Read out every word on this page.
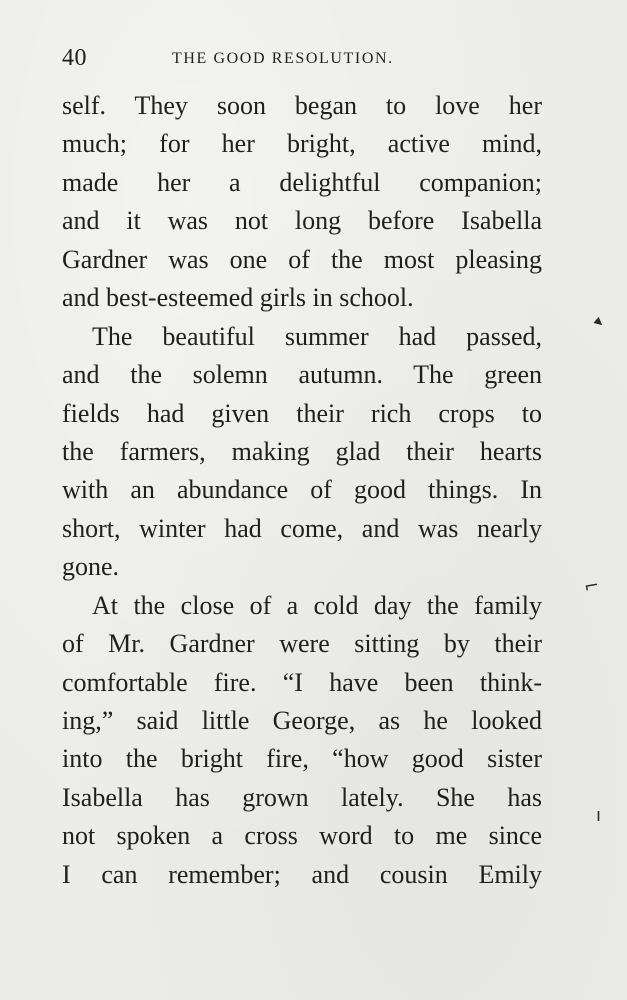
40	THE GOOD RESOLUTION.
self. They soon began to love her
much; for her bright, active mind,
made her a delightful companion;
and it was not long before Isabella
Gardner was one of the most pleasing
and best-esteemed girls in school.
The beautiful summer had passed,
and the solemn autumn. The green
fields had given their rich crops to
the farmers, making glad their hearts
with an abundance of good things. In
short, winter had come, and was nearly
gone.
At the close of a cold day the family
of Mr. Gardner were sitting by their
comfortable fire. “I have been think-
ing,” said little George, as he looked
into the bright fire, “how good sister
Isabella has grown lately. She has
not spoken a cross word to me since
I can remember; and cousin Emily
▸
⌐
ı
